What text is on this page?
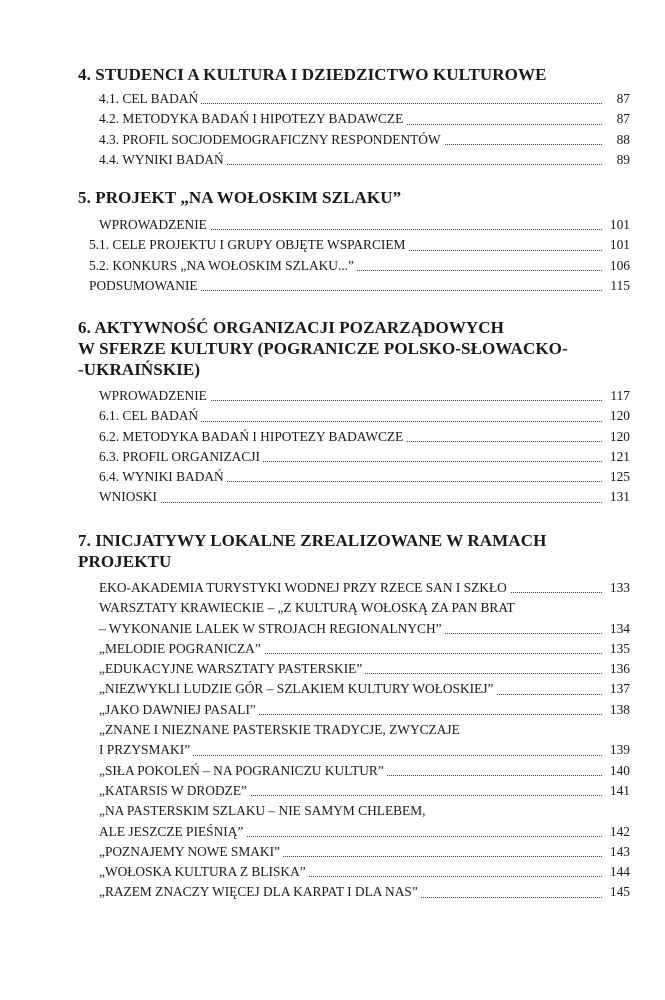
4. STUDENCI A KULTURA I DZIEDZICTWO KULTUROWE
4.1. CEL BADAŃ	87
4.2. METODYKA BADAŃ I HIPOTEZY BADAWCZE	87
4.3. PROFIL SOCJODEMOGRAFICZNY RESPONDENTÓW	88
4.4. WYNIKI BADAŃ	89
5. PROJEKT „NA WOŁOSKIM SZLAKU”
WPROWADZENIE	101
5.1. CELE PROJEKTU I GRUPY OBJĘTE WSPARCIEM	101
5.2. KONKURS „NA WOŁOSKIM SZLAKU...”	106
PODSUMOWANIE	115
6. AKTYWNOŚĆ ORGANIZACJI POZARZĄDOWYCH
W SFERZE KULTURY (POGRANICZE POLSKO-SŁOWACKO-
-UKRAIŃSKIE)
WPROWADZENIE	117
6.1. CEL BADAŃ	120
6.2. METODYKA BADAŃ I HIPOTEZY BADAWCZE	120
6.3. PROFIL ORGANIZACJI	121
6.4. WYNIKI BADAŃ	125
WNIOSKI	131
7. INICJATYWY LOKALNE ZREALIZOWANE W RAMACH
PROJEKTU
EKO-AKADEMIA TURYSTYKI WODNEJ PRZY RZECE SAN I SZKŁO	133
WARSZTATY KRAWIECKIE – „Z KULTURĄ WOŁOSKĄ ZA PAN BRAT
– WYKONANIE LALEK W STROJACH REGIONALNYCH”	134
„MELODIE POGRANICZA”	135
„EDUKACYJNE WARSZTATY PASTERSKIE”	136
„NIEZWYKLI LUDZIE GÓR – SZLAKIEM KULTURY WOŁOSKIEJ”	137
„JAKO DAWNIEJ PASALI”	138
„ZNANE I NIEZNANE PASTERSKIE TRADYCJE, ZWYCZAJE
I PRZYSMAKI”	139
„SIŁA POKOLEŃ – NA POGRANICZU KULTUR”	140
„KATARSIS W DRODZE”	141
„NA PASTERSKIM SZLAKU – NIE SAMYM CHLEBEM,
ALE JESZCZE PIEŚNIĄ”	142
„POZNAJEMY NOWE SMAKI”	143
„WOŁOSKA KULTURA Z BLISKA”	144
„RAZEM ZNACZY WIĘCEJ DLA KARPAT I DLA NAS”	145
